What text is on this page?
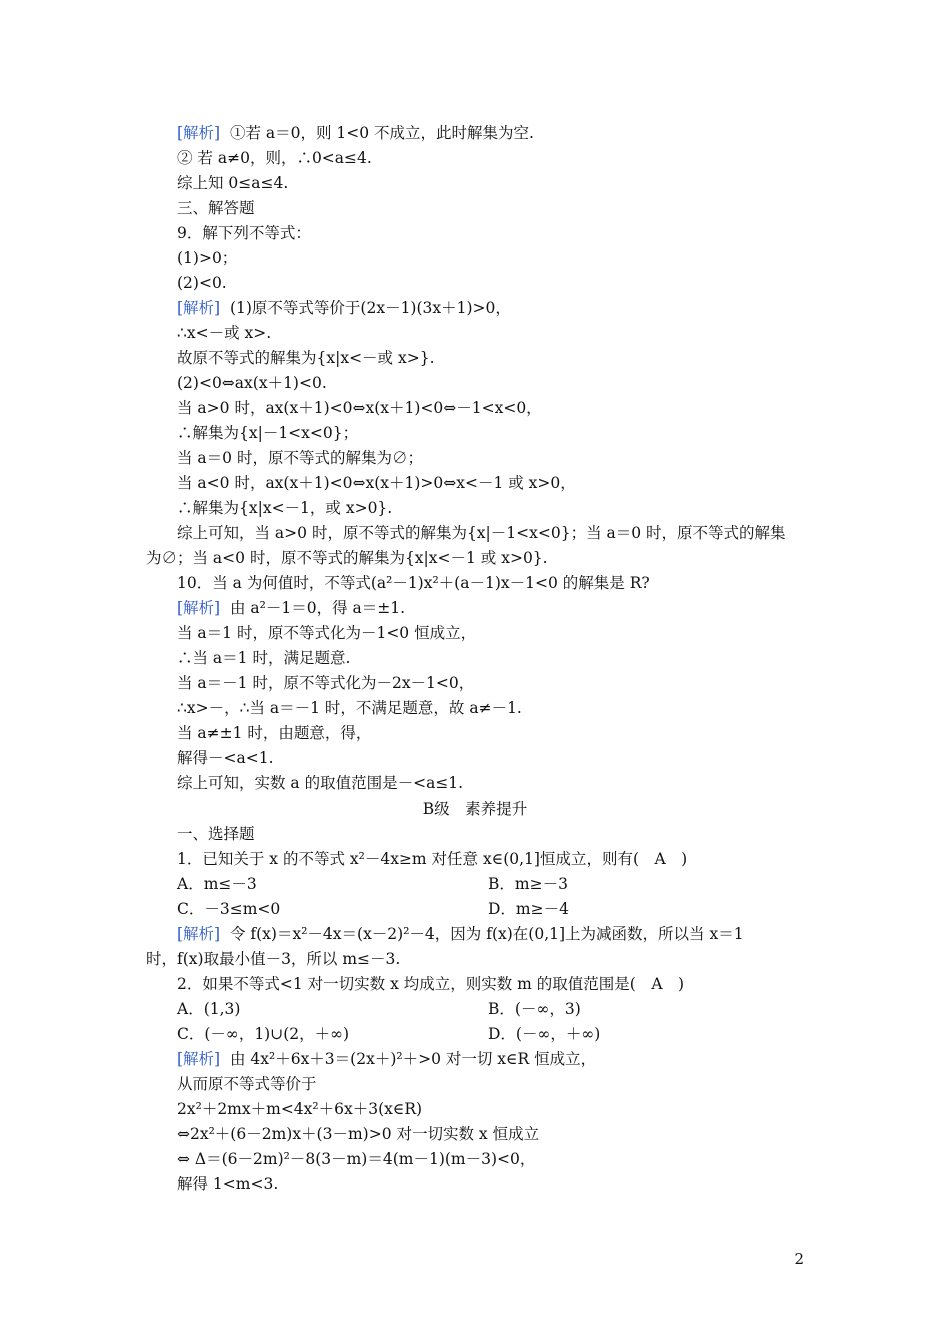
[解析]  ①若 a＝0，则 1<0 不成立，此时解集为空.
② 若 a≠0，则，∴0<a≤4.
综上知 0≤a≤4.
三、解答题
9．解下列不等式：
(1)>0；
(2)<0.
[解析]  (1)原不等式等价于(2x－1)(3x＋1)>0，
∴x<－或 x>.
故原不等式的解集为{x|x<－或 x>}.
(2)<0⇔ax(x＋1)<0.
当 a>0 时，ax(x＋1)<0⇔x(x＋1)<0⇔－1<x<0，
∴解集为{x|－1<x<0}；
当 a＝0 时，原不等式的解集为∅；
当 a<0 时，ax(x＋1)<0⇔x(x＋1)>0⇔x<－1 或 x>0，
∴解集为{x|x<－1，或 x>0}.
综上可知，当 a>0 时，原不等式的解集为{x|－1<x<0}；当 a＝0 时，原不等式的解集
为∅；当 a<0 时，原不等式的解集为{x|x<－1 或 x>0}.
10．当 a 为何值时，不等式(a²－1)x²＋(a－1)x－1<0 的解集是 R?
[解析]  由 a²－1＝0，得 a＝±1.
当 a＝1 时，原不等式化为－1<0 恒成立，
∴当 a＝1 时，满足题意.
当 a＝－1 时，原不等式化为－2x－1<0，
∴x>－，∴当 a＝－1 时，不满足题意，故 a≠－1.
当 a≠±1 时，由题意，得，
解得－<a<1.
综上可知，实数 a 的取值范围是－<a≤1.
B级　素养提升
一、选择题
1．已知关于 x 的不等式 x²－4x≥m 对任意 x∈(0,1]恒成立，则有(　A　)
A．m≤－3	B．m≥－3
C．－3≤m<0	D．m≥－4
[解析]  令 f(x)＝x²－4x＝(x－2)²－4，因为 f(x)在(0,1]上为减函数，所以当 x＝1
时，f(x)取最小值－3，所以 m≤－3.
2．如果不等式<1 对一切实数 x 均成立，则实数 m 的取值范围是(　A　)
A．(1,3)	B．(－∞，3)
C．(－∞，1)∪(2，＋∞)	D．(－∞，＋∞)
[解析]  由 4x²＋6x＋3＝(2x＋)²＋>0 对一切 x∈R 恒成立，
从而原不等式等价于
2x²＋2mx＋m<4x²＋6x＋3(x∈R)
⇔2x²＋(6－2m)x＋(3－m)>0 对一切实数 x 恒成立
⇔ Δ＝(6－2m)²－8(3－m)＝4(m－1)(m－3)<0，
解得 1<m<3.
2
